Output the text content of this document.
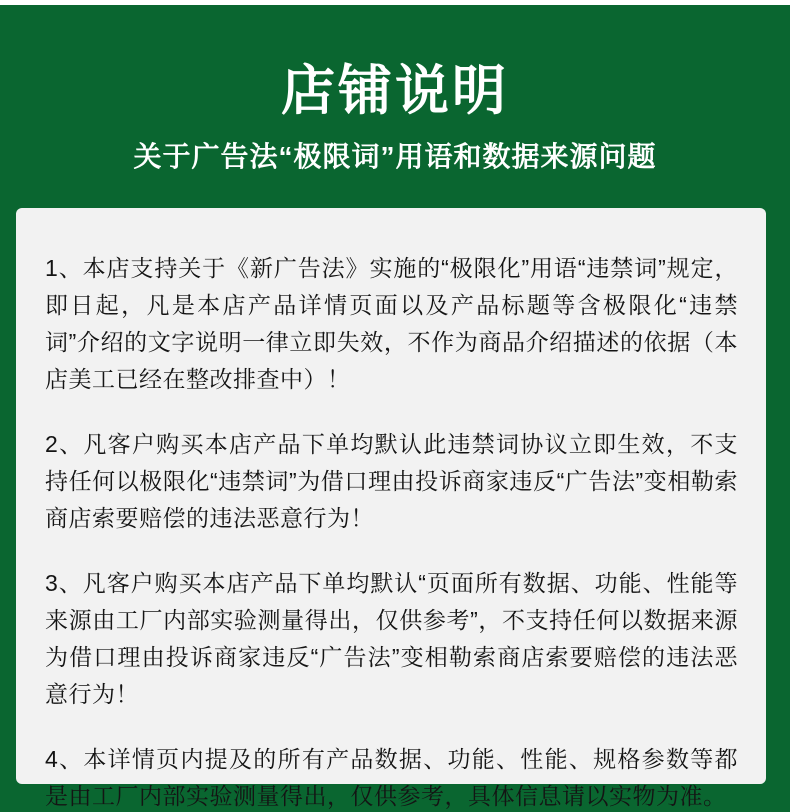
店铺说明
关于广告法“极限词”用语和数据来源问题

1、本店支持关于《新广告法》实施的“极限化”用语“违禁词”规定，即日起，凡是本店产品详情页面以及产品标题等含极限化“违禁词”介绍的文字说明一律立即失效，不作为商品介绍描述的依据（本店美工已经在整改排查中）！

2、凡客户购买本店产品下单均默认此违禁词协议立即生效，不支持任何以极限化“违禁词”为借口理由投诉商家违反“广告法”变相勒索商店索要赔偿的违法恶意行为！

3、凡客户购买本店产品下单均默认“页面所有数据、功能、性能等来源由工厂内部实验测量得出，仅供参考”，不支持任何以数据来源为借口理由投诉商家违反“广告法”变相勒索商店索要赔偿的违法恶意行为！

4、本详情页内提及的所有产品数据、功能、性能、规格参数等都是由工厂内部实验测量得出，仅供参考，具体信息请以实物为准。
